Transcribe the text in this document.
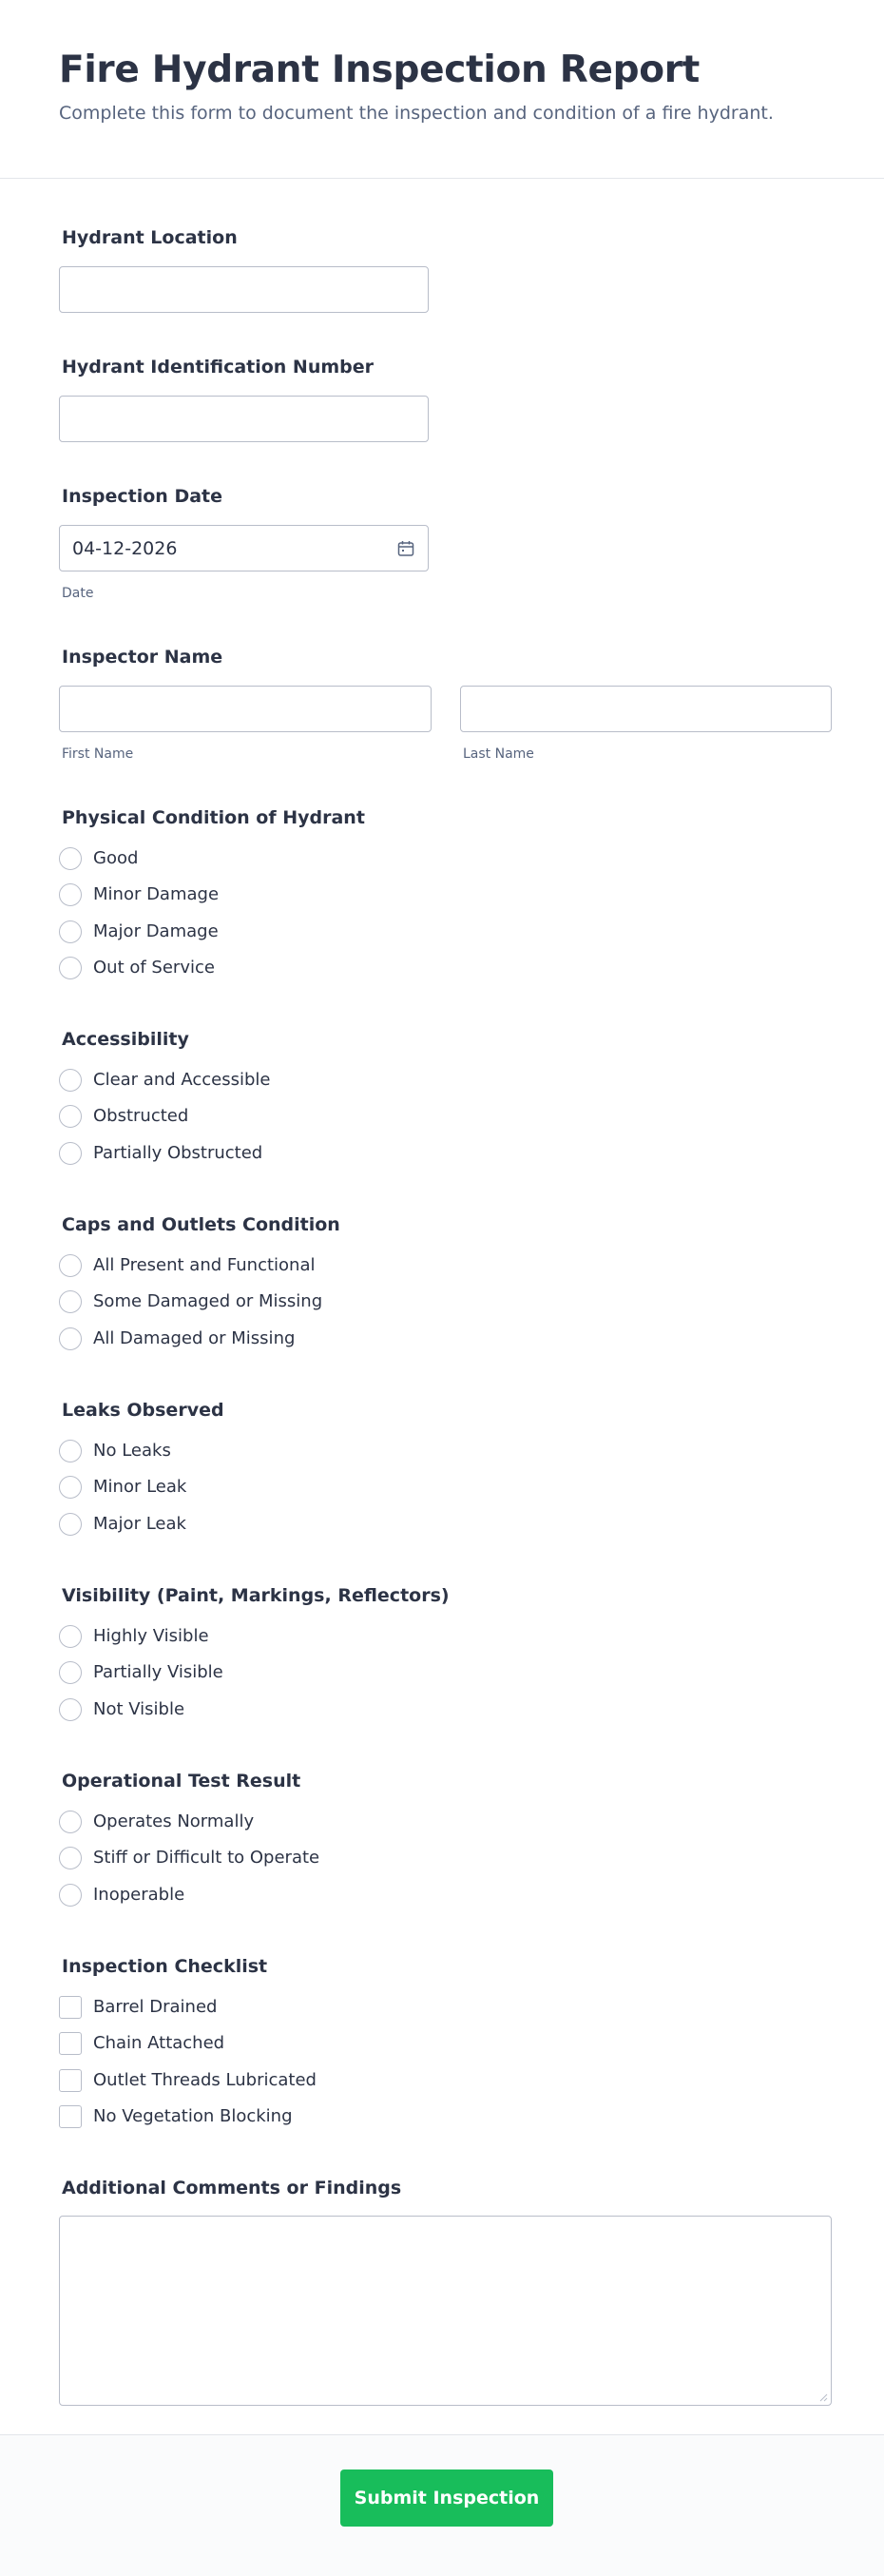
Fire Hydrant Inspection Report

Complete this form to document the inspection and condition of a fire hydrant.

Hydrant Location
Hydrant Identification Number
Inspection Date
04-12-2026
Date
Inspector Name
First Name	Last Name
Physical Condition of Hydrant
Good
Minor Damage
Major Damage
Out of Service
Accessibility
Clear and Accessible
Obstructed
Partially Obstructed
Caps and Outlets Condition
All Present and Functional
Some Damaged or Missing
All Damaged or Missing
Leaks Observed
No Leaks
Minor Leak
Major Leak
Visibility (Paint, Markings, Reflectors)
Highly Visible
Partially Visible
Not Visible
Operational Test Result
Operates Normally
Stiff or Difficult to Operate
Inoperable
Inspection Checklist
Barrel Drained
Chain Attached
Outlet Threads Lubricated
No Vegetation Blocking
Additional Comments or Findings
Submit Inspection
